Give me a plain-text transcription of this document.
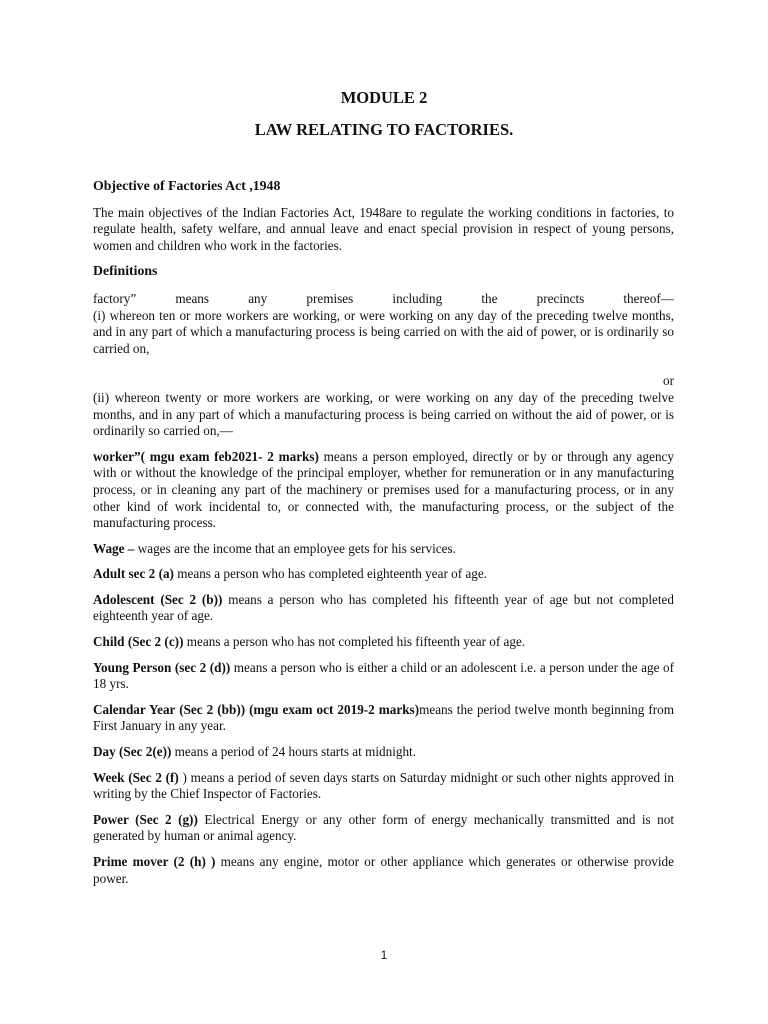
MODULE 2
LAW RELATING TO FACTORIES.

Objective of Factories Act ,1948

The main objectives of the Indian Factories Act, 1948are to regulate the working conditions in factories, to regulate health, safety welfare, and annual leave and enact special provision in respect of young persons, women and children who work in the factories.

Definitions

factory”	means	any	premises	including	the	precincts	thereof—

(i) whereon ten or more workers are working, or were working on any day of the preceding twelve months, and in any part of which a manufacturing process is being carried on with the aid of power, or is ordinarily so carried on,

or

(ii) whereon twenty or more workers are working, or were working on any day of the preceding twelve months, and in any part of which a manufacturing process is being carried on without the aid of power, or is ordinarily so carried on,—

worker”( mgu exam feb2021- 2 marks) means a person employed, directly or by or through any agency with or without the knowledge of the principal employer, whether for remuneration or in any manufacturing process, or in cleaning any part of the machinery or premises used for a manufacturing process, or in any other kind of work incidental to, or connected with, the manufacturing process, or the subject of the manufacturing process.

Wage – wages are the income that an employee gets for his services.

Adult sec 2 (a) means a person who has completed eighteenth year of age.

Adolescent (Sec 2 (b)) means a person who has completed his fifteenth year of age but not completed eighteenth year of age.

Child (Sec 2 (c)) means a person who has not completed his fifteenth year of age.

Young Person (sec 2 (d)) means a person who is either a child or an adolescent i.e. a person under the age of 18 yrs.

Calendar Year (Sec 2 (bb)) (mgu exam oct 2019-2 marks)means the period twelve month beginning from First January in any year.

Day (Sec 2(e)) means a period of 24 hours starts at midnight.

Week (Sec 2 (f) ) means a period of seven days starts on Saturday midnight or such other nights approved in writing by the Chief Inspector of Factories.

Power (Sec 2 (g)) Electrical Energy or any other form of energy mechanically transmitted and is not generated by human or animal agency.

Prime mover (2 (h) ) means any engine, motor or other appliance which generates or otherwise provide power.

1
